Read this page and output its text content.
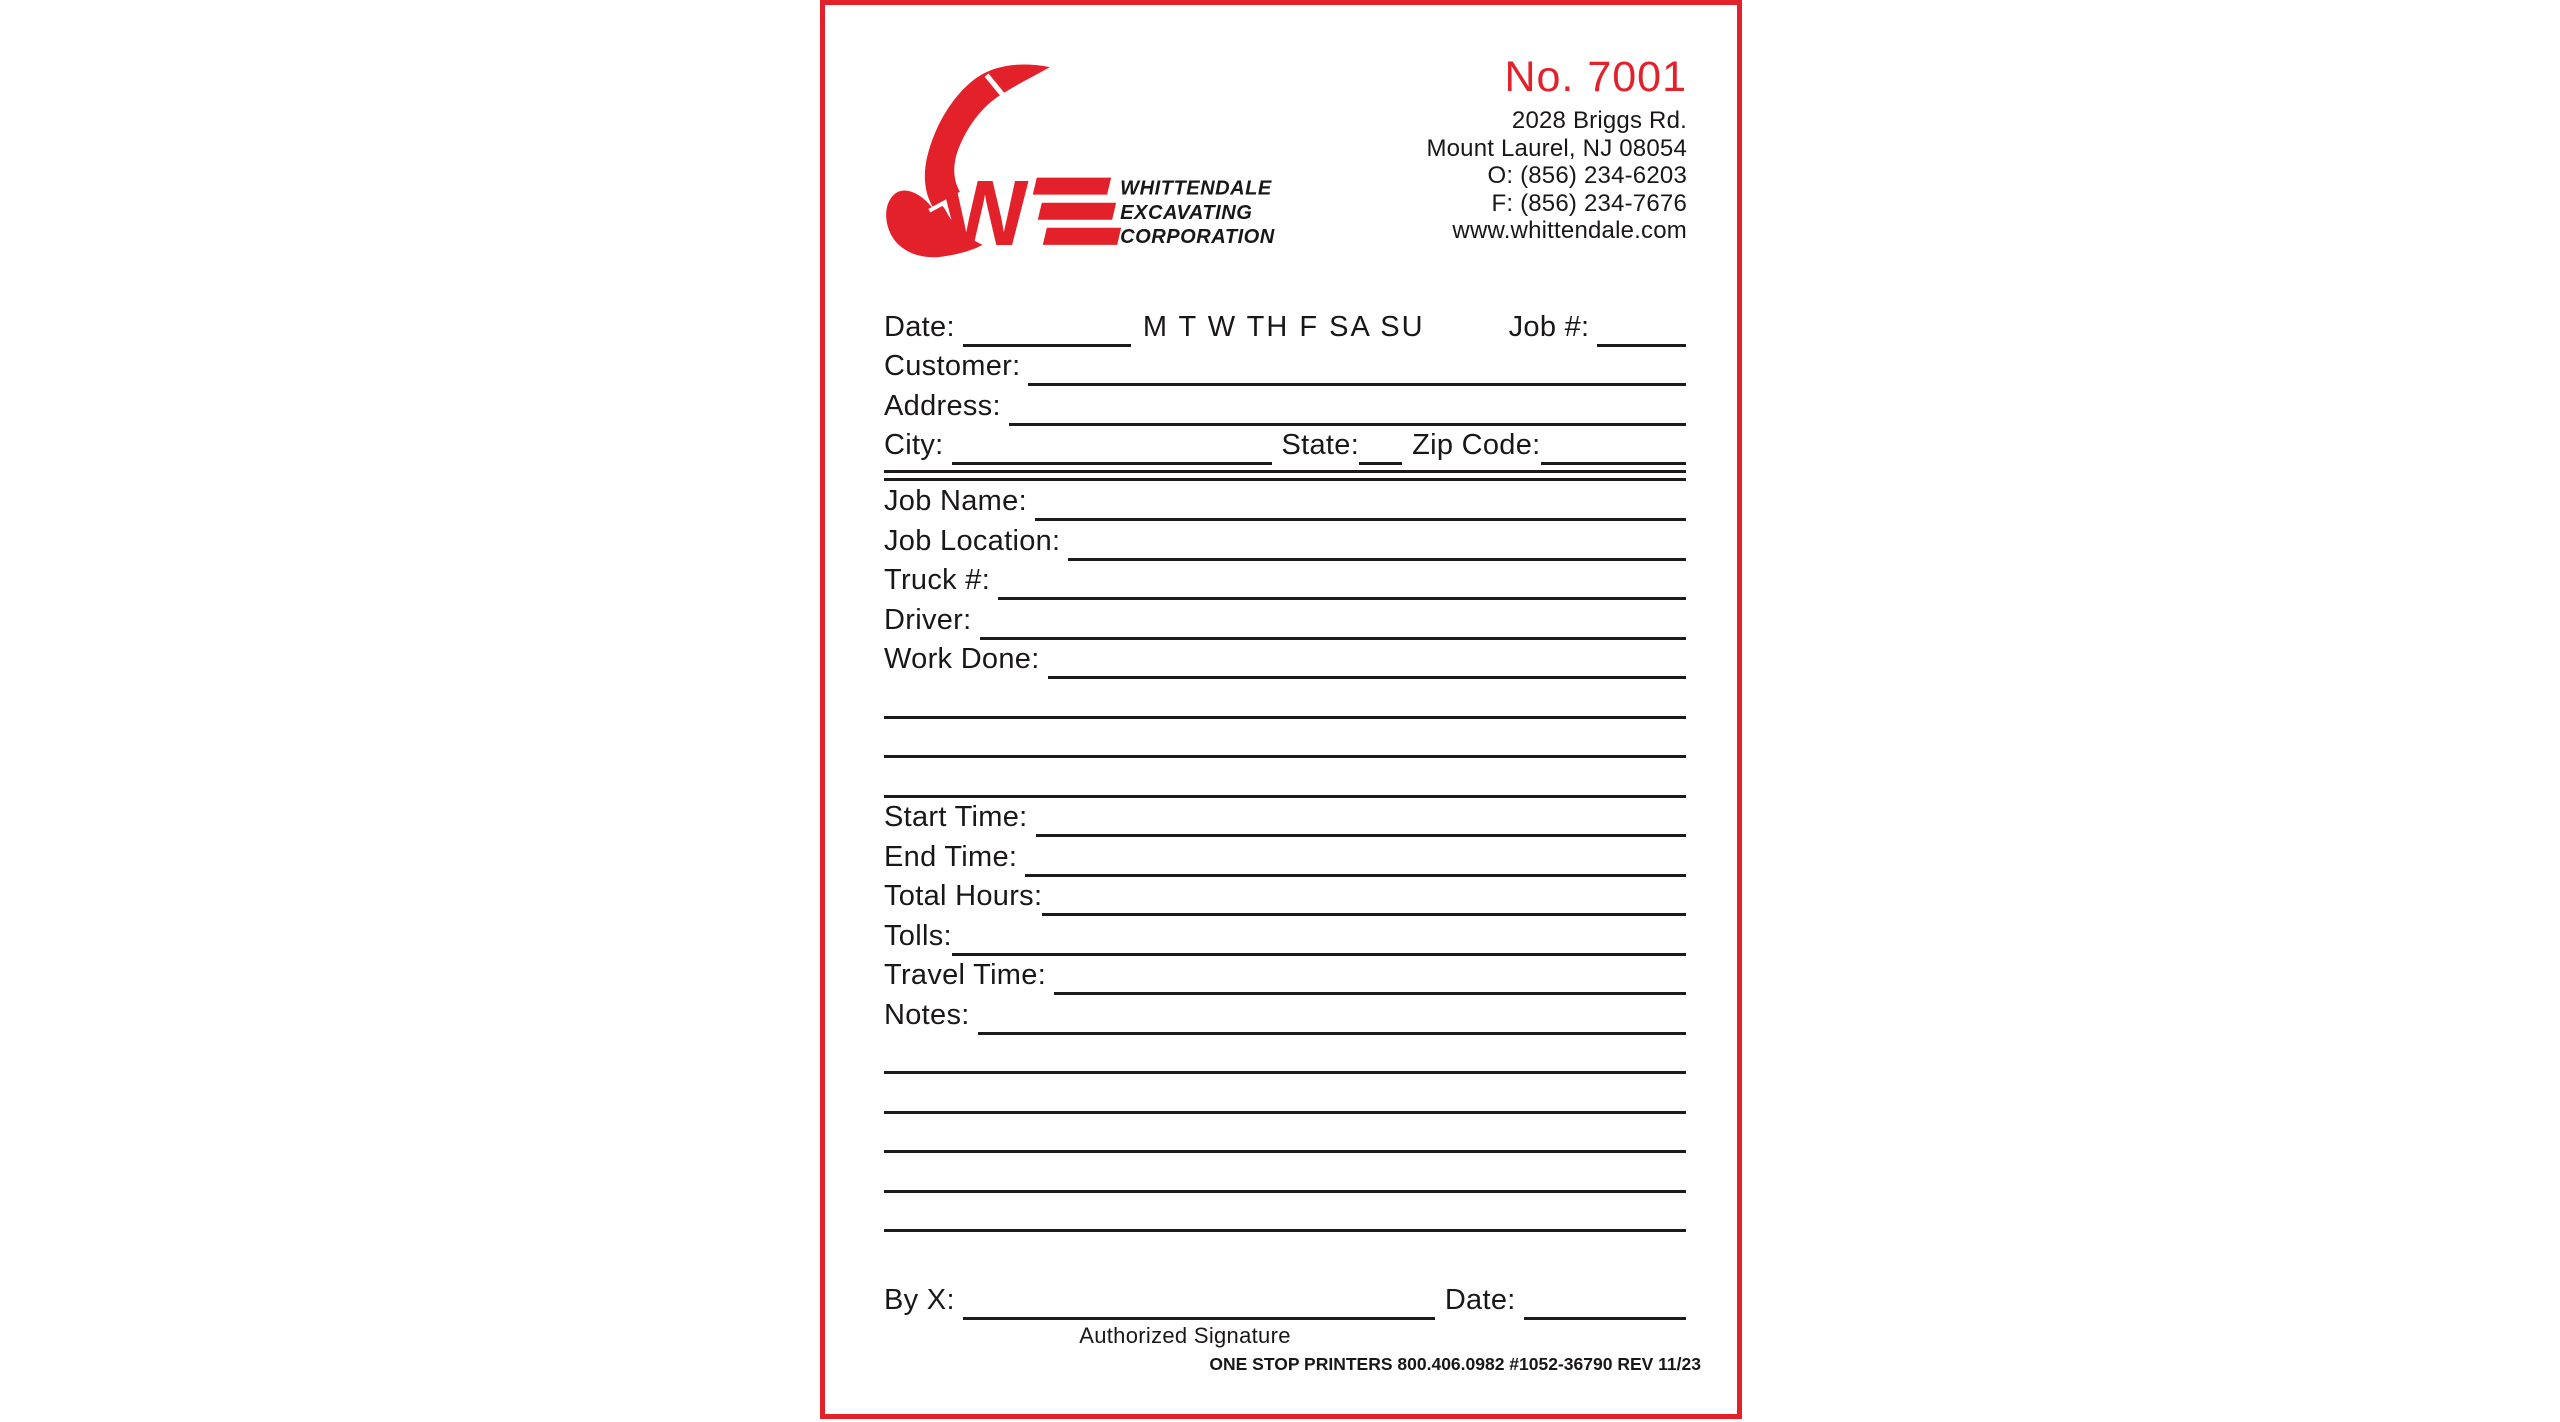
W	WHITTENDALE
EXCAVATING
CORPORATION
No. 7001
2028 Briggs Rd.
Mount Laurel, NJ 08054
O: (856) 234-6203
F: (856) 234-7676
www.whittendale.com
Date:	M T W TH F SA SU	Job #:
Customer:
Address:
City:	State: Zip Code:
Job Name:
Job Location:
Truck #:
Driver:
Work Done:
Start Time:
End Time:
Total Hours:
Tolls:
Travel Time:
Notes:
By X:	Date:
Authorized Signature
ONE STOP PRINTERS 800.406.0982 #1052-36790 REV 11/23
